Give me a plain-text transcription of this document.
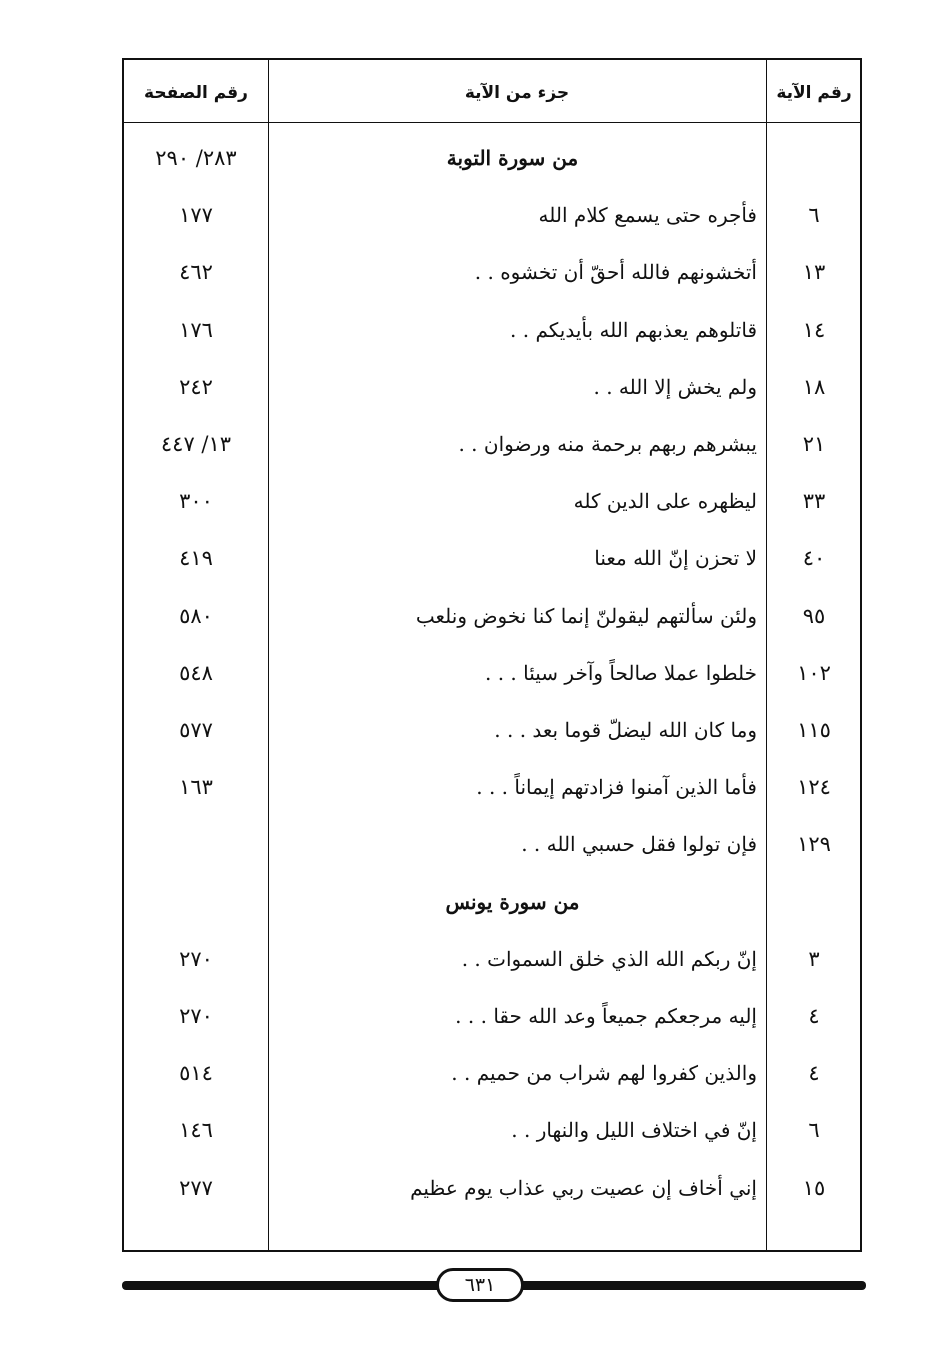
رقم الآية
جزء من الآية
رقم الصفحة
من سورة التوبة
٢٨٣/ ٢٩٠
٦
فأجره حتى يسمع كلام الله
١٧٧
١٣
أتخشونهم فالله أحقّ أن تخشوه . .
٤٦٢
١٤
قاتلوهم يعذبهم الله بأيديكم . .
١٧٦
١٨
ولم يخش إلا الله . .
٢٤٢
٢١
يبشرهم ربهم برحمة منه ورضوان . .
١٣/ ٤٤٧
٣٣
ليظهره على الدين كله
٣٠٠
٤٠
لا تحزن إنّ الله معنا
٤١٩
٩٥
ولئن سألتهم ليقولنّ إنما كنا نخوض ونلعب
٥٨٠
١٠٢
خلطوا عملا صالحاً وآخر سيئا . . .
٥٤٨
١١٥
وما كان الله ليضلّ قوما بعد . . .
٥٧٧
١٢٤
فأما الذين آمنوا فزادتهم إيماناً . . .
١٦٣
١٢٩
فإن تولوا فقل حسبي الله . .
من سورة يونس
٣
إنّ ربكم الله الذي خلق السموات . .
٢٧٠
٤
إليه مرجعكم جميعاً وعد الله حقا . . .
٢٧٠
٤
والذين كفروا لهم شراب من حميم . .
٥١٤
٦
إنّ في اختلاف الليل والنهار . .
١٤٦
١٥
إني أخاف إن عصيت ربي عذاب يوم عظيم
٢٧٧
٦٣١
